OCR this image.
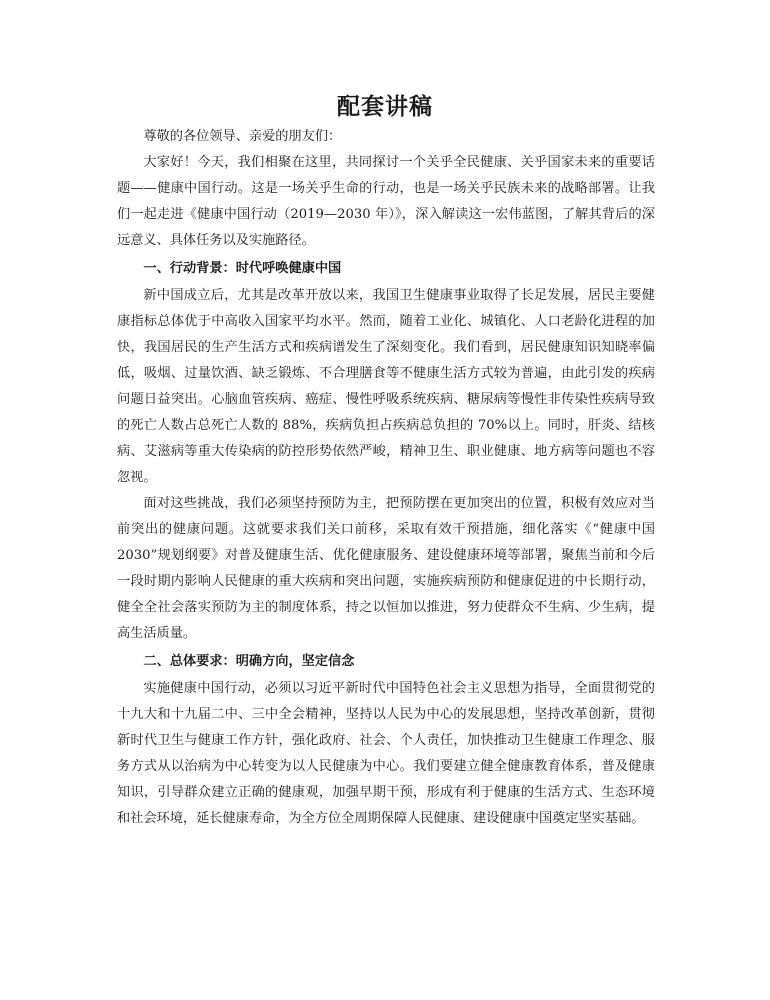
配套讲稿

尊敬的各位领导、亲爱的朋友们：

大家好！今天，我们相聚在这里，共同探讨一个关乎全民健康、关乎国家未来的重要话题——健康中国行动。这是一场关乎生命的行动，也是一场关乎民族未来的战略部署。让我们一起走进《健康中国行动（2019—2030 年）》，深入解读这一宏伟蓝图，了解其背后的深远意义、具体任务以及实施路径。

一、行动背景：时代呼唤健康中国

新中国成立后，尤其是改革开放以来，我国卫生健康事业取得了长足发展，居民主要健康指标总体优于中高收入国家平均水平。然而，随着工业化、城镇化、人口老龄化进程的加快，我国居民的生产生活方式和疾病谱发生了深刻变化。我们看到，居民健康知识知晓率偏低，吸烟、过量饮酒、缺乏锻炼、不合理膳食等不健康生活方式较为普遍，由此引发的疾病问题日益突出。心脑血管疾病、癌症、慢性呼吸系统疾病、糖尿病等慢性非传染性疾病导致的死亡人数占总死亡人数的 88%，疾病负担占疾病总负担的 70%以上。同时，肝炎、结核病、艾滋病等重大传染病的防控形势依然严峻，精神卫生、职业健康、地方病等问题也不容忽视。

面对这些挑战，我们必须坚持预防为主，把预防摆在更加突出的位置，积极有效应对当前突出的健康问题。这就要求我们关口前移，采取有效干预措施，细化落实《“健康中国 2030”规划纲要》对普及健康生活、优化健康服务、建设健康环境等部署，聚焦当前和今后一段时期内影响人民健康的重大疾病和突出问题，实施疾病预防和健康促进的中长期行动，健全全社会落实预防为主的制度体系，持之以恒加以推进，努力使群众不生病、少生病，提高生活质量。

二、总体要求：明确方向，坚定信念

实施健康中国行动，必须以习近平新时代中国特色社会主义思想为指导，全面贯彻党的十九大和十九届二中、三中全会精神，坚持以人民为中心的发展思想，坚持改革创新，贯彻新时代卫生与健康工作方针，强化政府、社会、个人责任，加快推动卫生健康工作理念、服务方式从以治病为中心转变为以人民健康为中心。我们要建立健全健康教育体系，普及健康知识，引导群众建立正确的健康观，加强早期干预，形成有利于健康的生活方式、生态环境和社会环境，延长健康寿命，为全方位全周期保障人民健康、建设健康中国奠定坚实基础。
